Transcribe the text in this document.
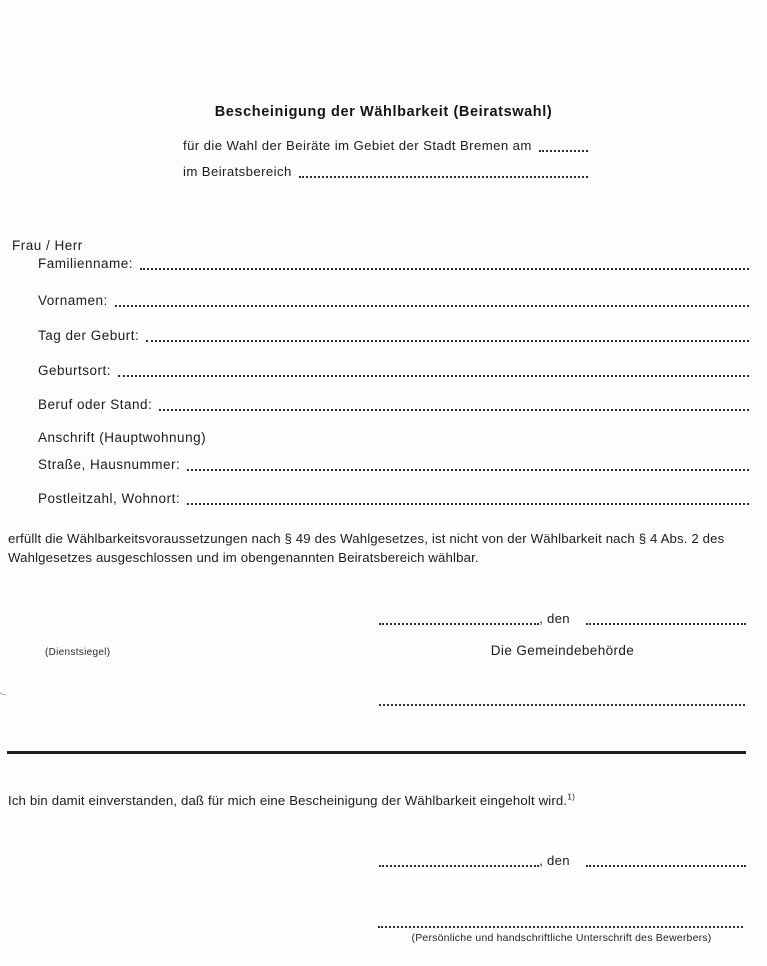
Bescheinigung der Wählbarkeit (Beiratswahl)
für die Wahl der Beiräte im Gebiet der Stadt Bremen am
im Beiratsbereich
Frau / Herr
Familienname:
Vornamen:
Tag der Geburt:
Geburtsort:
Beruf oder Stand:
Anschrift (Hauptwohnung)
Straße, Hausnummer:
Postleitzahl, Wohnort:

erfüllt die Wählbarkeitsvoraussetzungen nach § 49 des Wahlgesetzes, ist nicht von der Wählbarkeit nach § 4 Abs. 2 des Wahlgesetzes ausgeschlossen und im obengenannten Beiratsbereich wählbar.

, den
(Dienstsiegel)	Die Gemeindebehörde

Ich bin damit einverstanden, daß für mich eine Bescheinigung der Wählbarkeit eingeholt wird.$^{1)}$

, den
(Persönliche und handschriftliche Unterschrift des Bewerbers)
